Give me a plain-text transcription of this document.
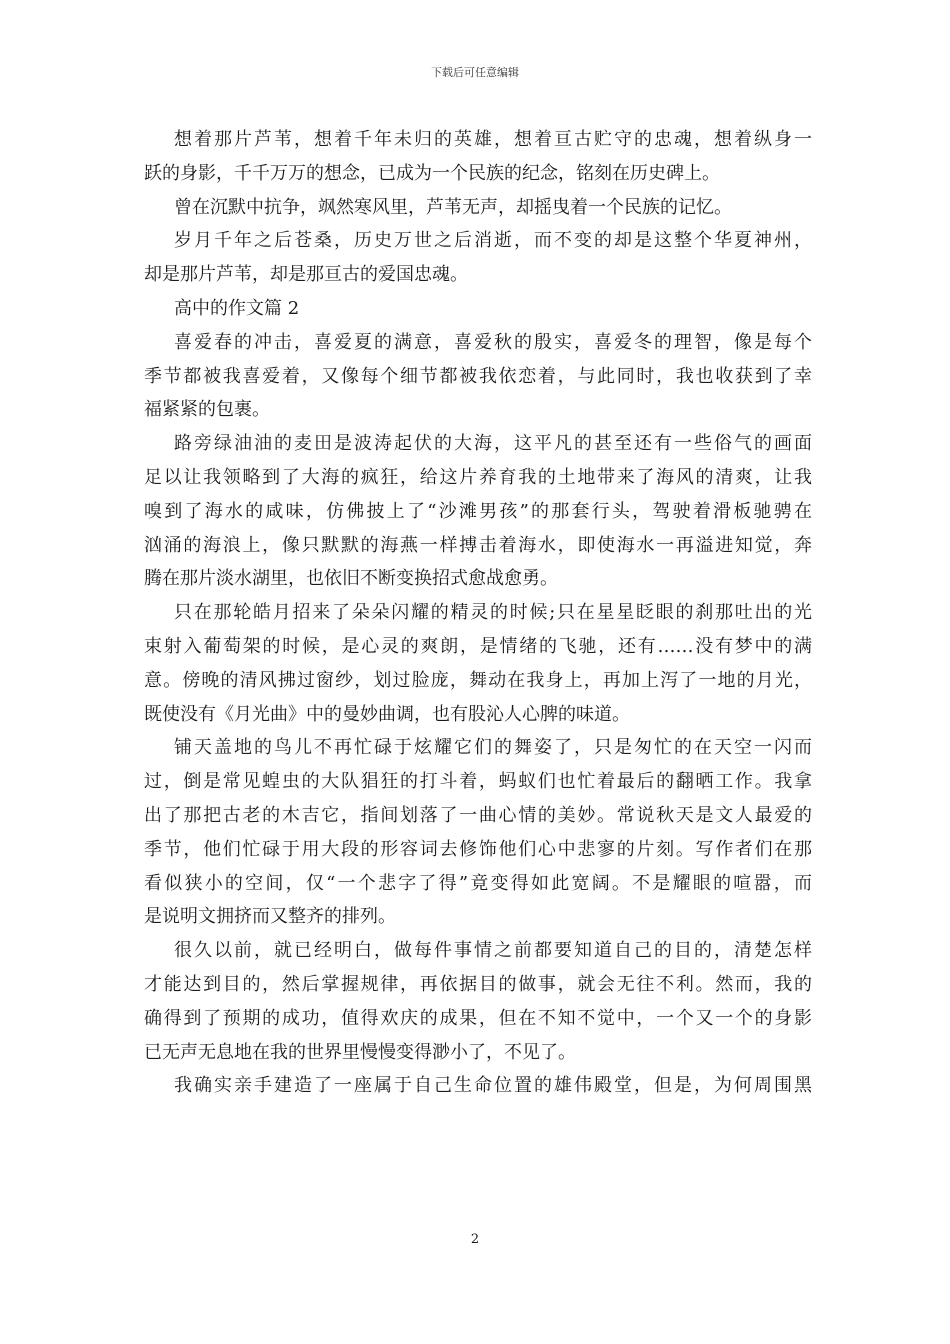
下载后可任意编辑
想着那片芦苇，想着千年未归的英雄，想着亘古贮守的忠魂，想着纵身一
跃的身影，千千万万的想念，已成为一个民族的纪念，铭刻在历史碑上。
曾在沉默中抗争，飒然寒风里，芦苇无声，却摇曳着一个民族的记忆。
岁月千年之后苍桑，历史万世之后消逝，而不变的却是这整个华夏神州，
却是那片芦苇，却是那亘古的爱国忠魂。
高中的作文篇 2
喜爱春的冲击，喜爱夏的满意，喜爱秋的殷实，喜爱冬的理智，像是每个
季节都被我喜爱着，又像每个细节都被我依恋着，与此同时，我也收获到了幸
福紧紧的包裹。
路旁绿油油的麦田是波涛起伏的大海，这平凡的甚至还有一些俗气的画面
足以让我领略到了大海的疯狂，给这片养育我的土地带来了海风的清爽，让我
嗅到了海水的咸味，仿佛披上了“沙滩男孩”的那套行头，驾驶着滑板驰骋在
汹涌的海浪上，像只默默的海燕一样搏击着海水，即使海水一再溢进知觉，奔
腾在那片淡水湖里，也依旧不断变换招式愈战愈勇。
只在那轮皓月招来了朵朵闪耀的精灵的时候;只在星星眨眼的刹那吐出的光
束射入葡萄架的时候，是心灵的爽朗，是情绪的飞驰，还有……没有梦中的满
意。傍晚的清风拂过窗纱，划过脸庞，舞动在我身上，再加上泻了一地的月光，
既使没有《月光曲》中的曼妙曲调，也有股沁人心脾的味道。
铺天盖地的鸟儿不再忙碌于炫耀它们的舞姿了，只是匆忙的在天空一闪而
过，倒是常见蝗虫的大队猖狂的打斗着，蚂蚁们也忙着最后的翻晒工作。我拿
出了那把古老的木吉它，指间划落了一曲心情的美妙。常说秋天是文人最爱的
季节，他们忙碌于用大段的形容词去修饰他们心中悲寥的片刻。写作者们在那
看似狭小的空间，仅“一个悲字了得”竟变得如此宽阔。不是耀眼的喧嚣，而
是说明文拥挤而又整齐的排列。
很久以前，就已经明白，做每件事情之前都要知道自己的目的，清楚怎样
才能达到目的，然后掌握规律，再依据目的做事，就会无往不利。然而，我的
确得到了预期的成功，值得欢庆的成果，但在不知不觉中，一个又一个的身影
已无声无息地在我的世界里慢慢变得渺小了，不见了。
我确实亲手建造了一座属于自己生命位置的雄伟殿堂，但是，为何周围黑
2
